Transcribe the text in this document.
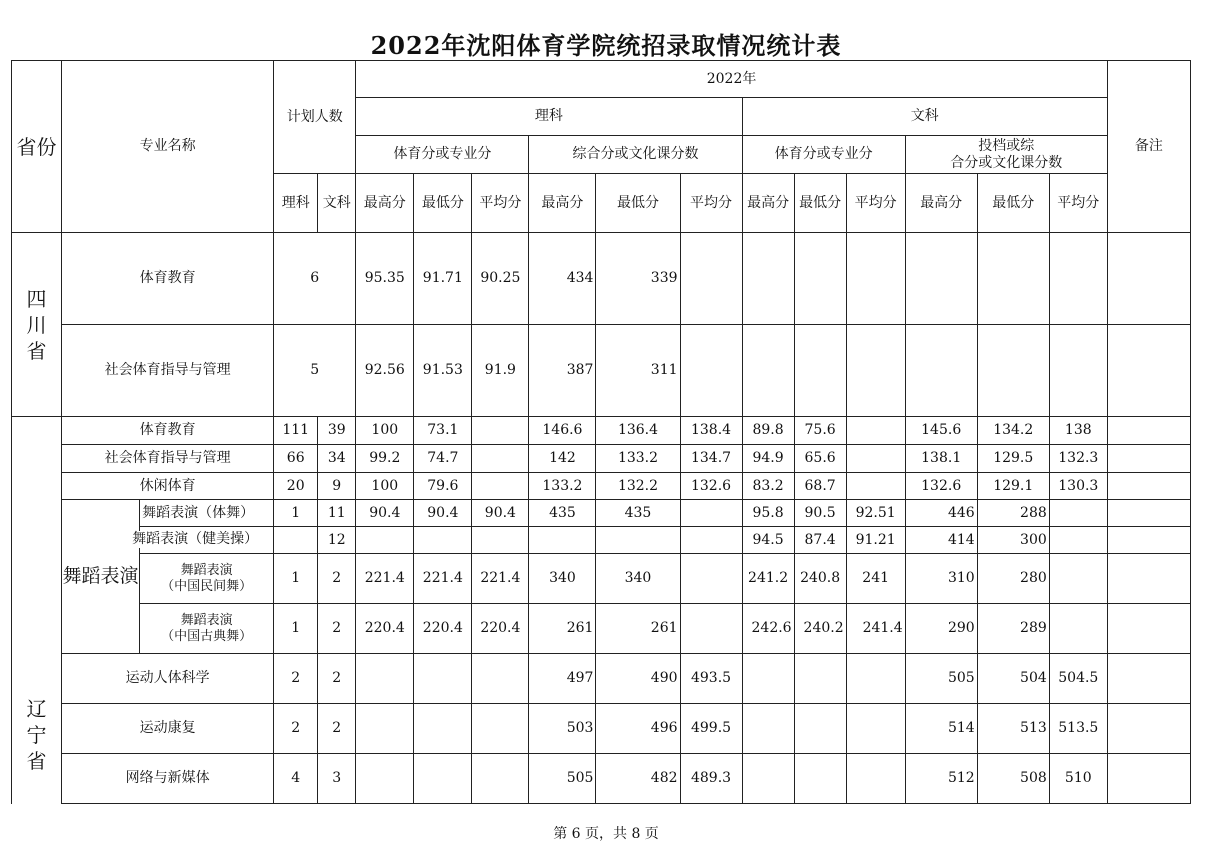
2022年沈阳体育学院统招录取情况统计表
省份	专业名称		计划人数		2022年												备注
					理科						文科						
					体育分或专业分			综合分或文化课分数			体育分或专业分			投档或综
合分或文化课分数			

			理科	文科	最高分	最低分	平均分	最高分	最低分	平均分	最高分	最低分	平均分	最高分	最低分	平均分	

四
川
省	体育教育		6		95.35	91.71	90.25	434	339								
	社会体育指导与管理		5		92.56	91.53	91.9	387	311								

辽
宁
省	体育教育		111	39	100	73.1		146.6	136.4	138.4	89.8	75.6		145.6	134.2	138	
	社会体育指导与管理		66	34	99.2	74.7		142	133.2	134.7	94.9	65.6		138.1	129.5	132.3	
	休闲体育		20	9	100	79.6		133.2	132.2	132.6	83.2	68.7		132.6	129.1	130.3	
	舞蹈表演	舞蹈表演（体舞）	1	11	90.4	90.4	90.4	435	435		95.8	90.5	92.51	446	288		

		舞蹈表演（健美操）		12							94.5	87.4	91.21	414	300		

		舞蹈表演
（中国民间舞）	1	2	221.4	221.4	221.4	340	340		241.2	240.8	241	310	280		

		舞蹈表演
（中国古典舞）	1	2	220.4	220.4	220.4	261	261		242.6	240.2	241.4	290	289		
	运动人体科学		2	2				497	490	493.5				505	504	504.5	
	运动康复		2	2				503	496	499.5				514	513	513.5	
	网络与新媒体		4	3				505	482	489.3				512	508	510	
第 6 页，共 8 页
